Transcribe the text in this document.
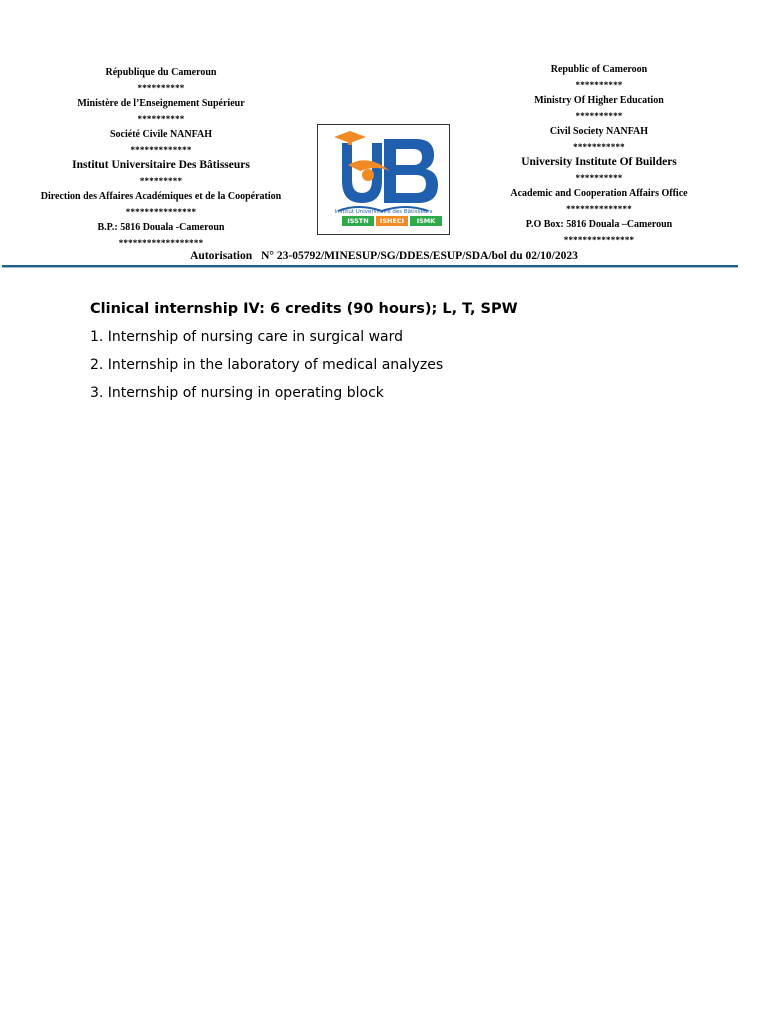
République du Cameroun
**********
Ministère de l’Enseignement Supérieur
**********
Société Civile NANFAH
*************
Institut Universitaire Des Bâtisseurs
*********
Direction des Affaires Académiques et de la Coopération
***************
B.P.: 5816 Douala -Cameroun
******************
Institut Universitaire des Bâtisseurs
ISSTN	ISHECI	ISMK
Republic of Cameroon
**********
Ministry Of Higher Education
**********
Civil Society NANFAH
***********
University Institute Of Builders
**********
Academic and Cooperation Affairs Office
**************
P.O Box: 5816 Douala –Cameroun
***************
Autorisation N° 23-05792/MINESUP/SG/DDES/ESUP/SDA/bol du 02/10/2023
Clinical internship IV: 6 credits (90 hours); L, T, SPW
1. Internship of nursing care in surgical ward
2. Internship in the laboratory of medical analyzes
3. Internship of nursing in operating block
